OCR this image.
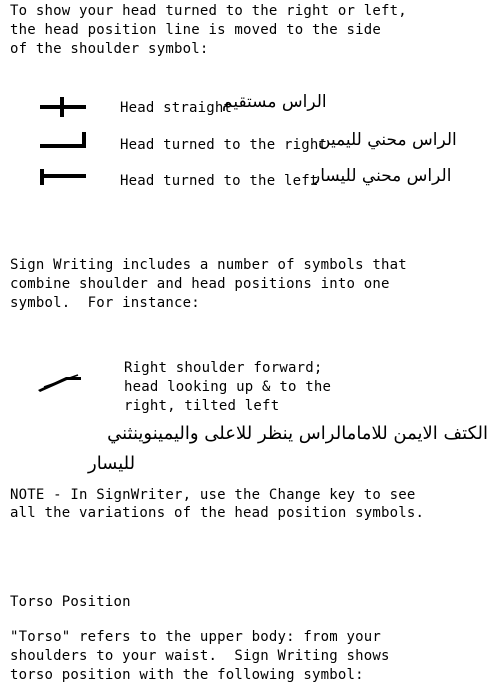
To show your head turned to the right or left,
the head position line is moved to the side
of the shoulder symbol:
Head straight
الراس مستقيم
Head turned to the right
الراس محني لليمين
Head turned to the left
الراس محني لليسار
Sign Writing includes a number of symbols that
combine shoulder and head positions into one
symbol.  For instance:
Right shoulder forward;
head looking up & to the
right, tilted left
الكتف الايمن للامامالراس ينظر للاعلى واليمينوينثني
لليسار
NOTE - In SignWriter, use the Change key to see
all the variations of the head position symbols.
Torso Position
"Torso" refers to the upper body: from your
shoulders to your waist.  Sign Writing shows
torso position with the following symbol:
